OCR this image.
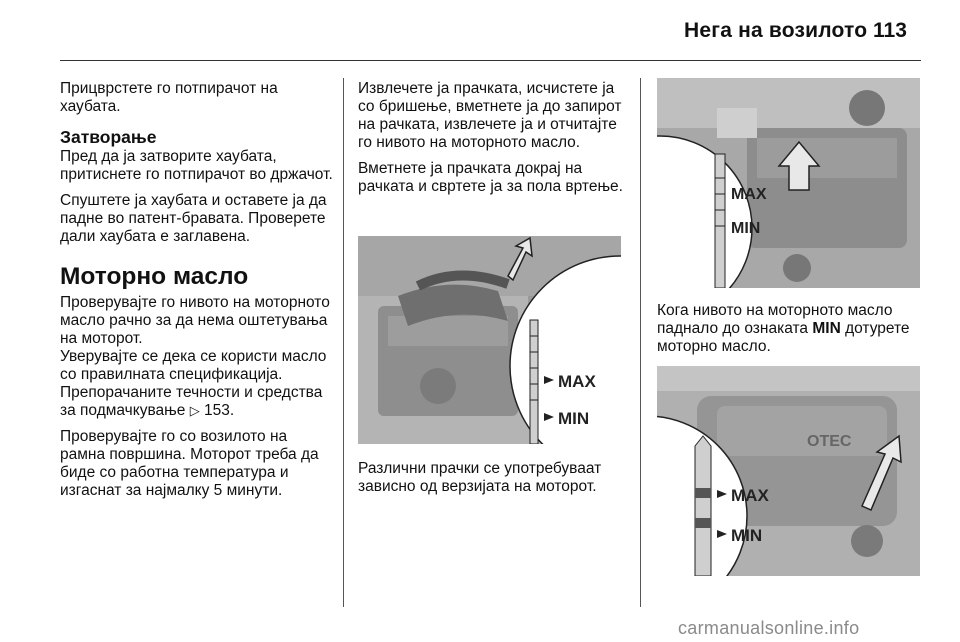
Нега на возилото 113

Прицврстете го потпирачот на хаубата.

Затворање

Пред да ја затворите хаубата, притиснете го потпирачот во држачот.

Спуштете ја хаубата и оставете ја да падне во патент-бравата. Проверете дали хаубата е заглавена.

Моторно масло

Проверувајте го нивото на моторното масло рачно за да нема оштетувања на моторот.

Уверувајте се дека се користи масло со правилната спецификација. Препорачаните течности и средства за подмачкување ▷ 153.

Проверувајте го со возилото на рамна површина. Моторот треба да биде со работна температура и изгаснат за најмалку 5 минути.

Извлечете ја прачката, исчистете ја со бришење, вметнете ја до запирот на рачката, извлечете ја и отчитајте го нивото на моторното масло.

Вметнете ја прачката докрај на рачката и свртете ја за пола вртење.

MAX
MIN
Различни прачки се употребуваат зависно од верзијата на моторот.
MAX
MIN
Кога нивото на моторното масло паднало до ознаката MIN дотурете моторно масло.
OTEC
MAX
MIN
carmanualsonline.info
